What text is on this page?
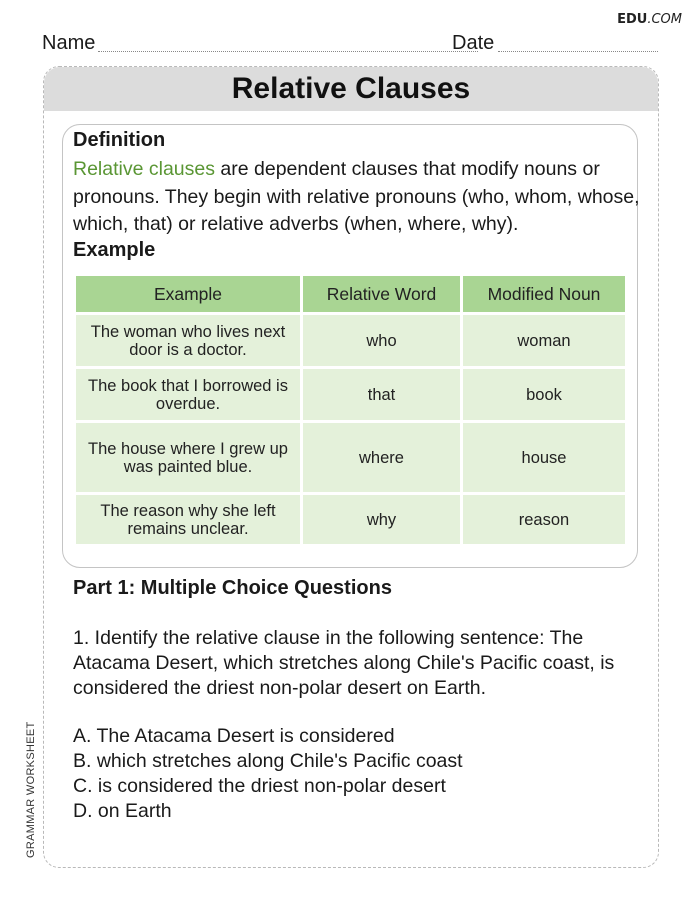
EDU.COM
Name	Date
Relative Clauses
Definition
Relative clauses are dependent clauses that modify nouns or pronouns. They begin with relative pronouns (who, whom, whose, which, that) or relative adverbs (when, where, why).
Example
Example	Relative Word	Modified Noun
The woman who lives next door is a doctor.	who	woman
The book that I borrowed is overdue.	that	book
The house where I grew up was painted blue.	where	house
The reason why she left remains unclear.	why	reason
Part 1: Multiple Choice Questions
1. Identify the relative clause in the following sentence: The Atacama Desert, which stretches along Chile's Pacific coast, is considered the driest non-polar desert on Earth.
A. The Atacama Desert is considered
B. which stretches along Chile's Pacific coast
C. is considered the driest non-polar desert
D. on Earth
GRAMMAR WORKSHEET
